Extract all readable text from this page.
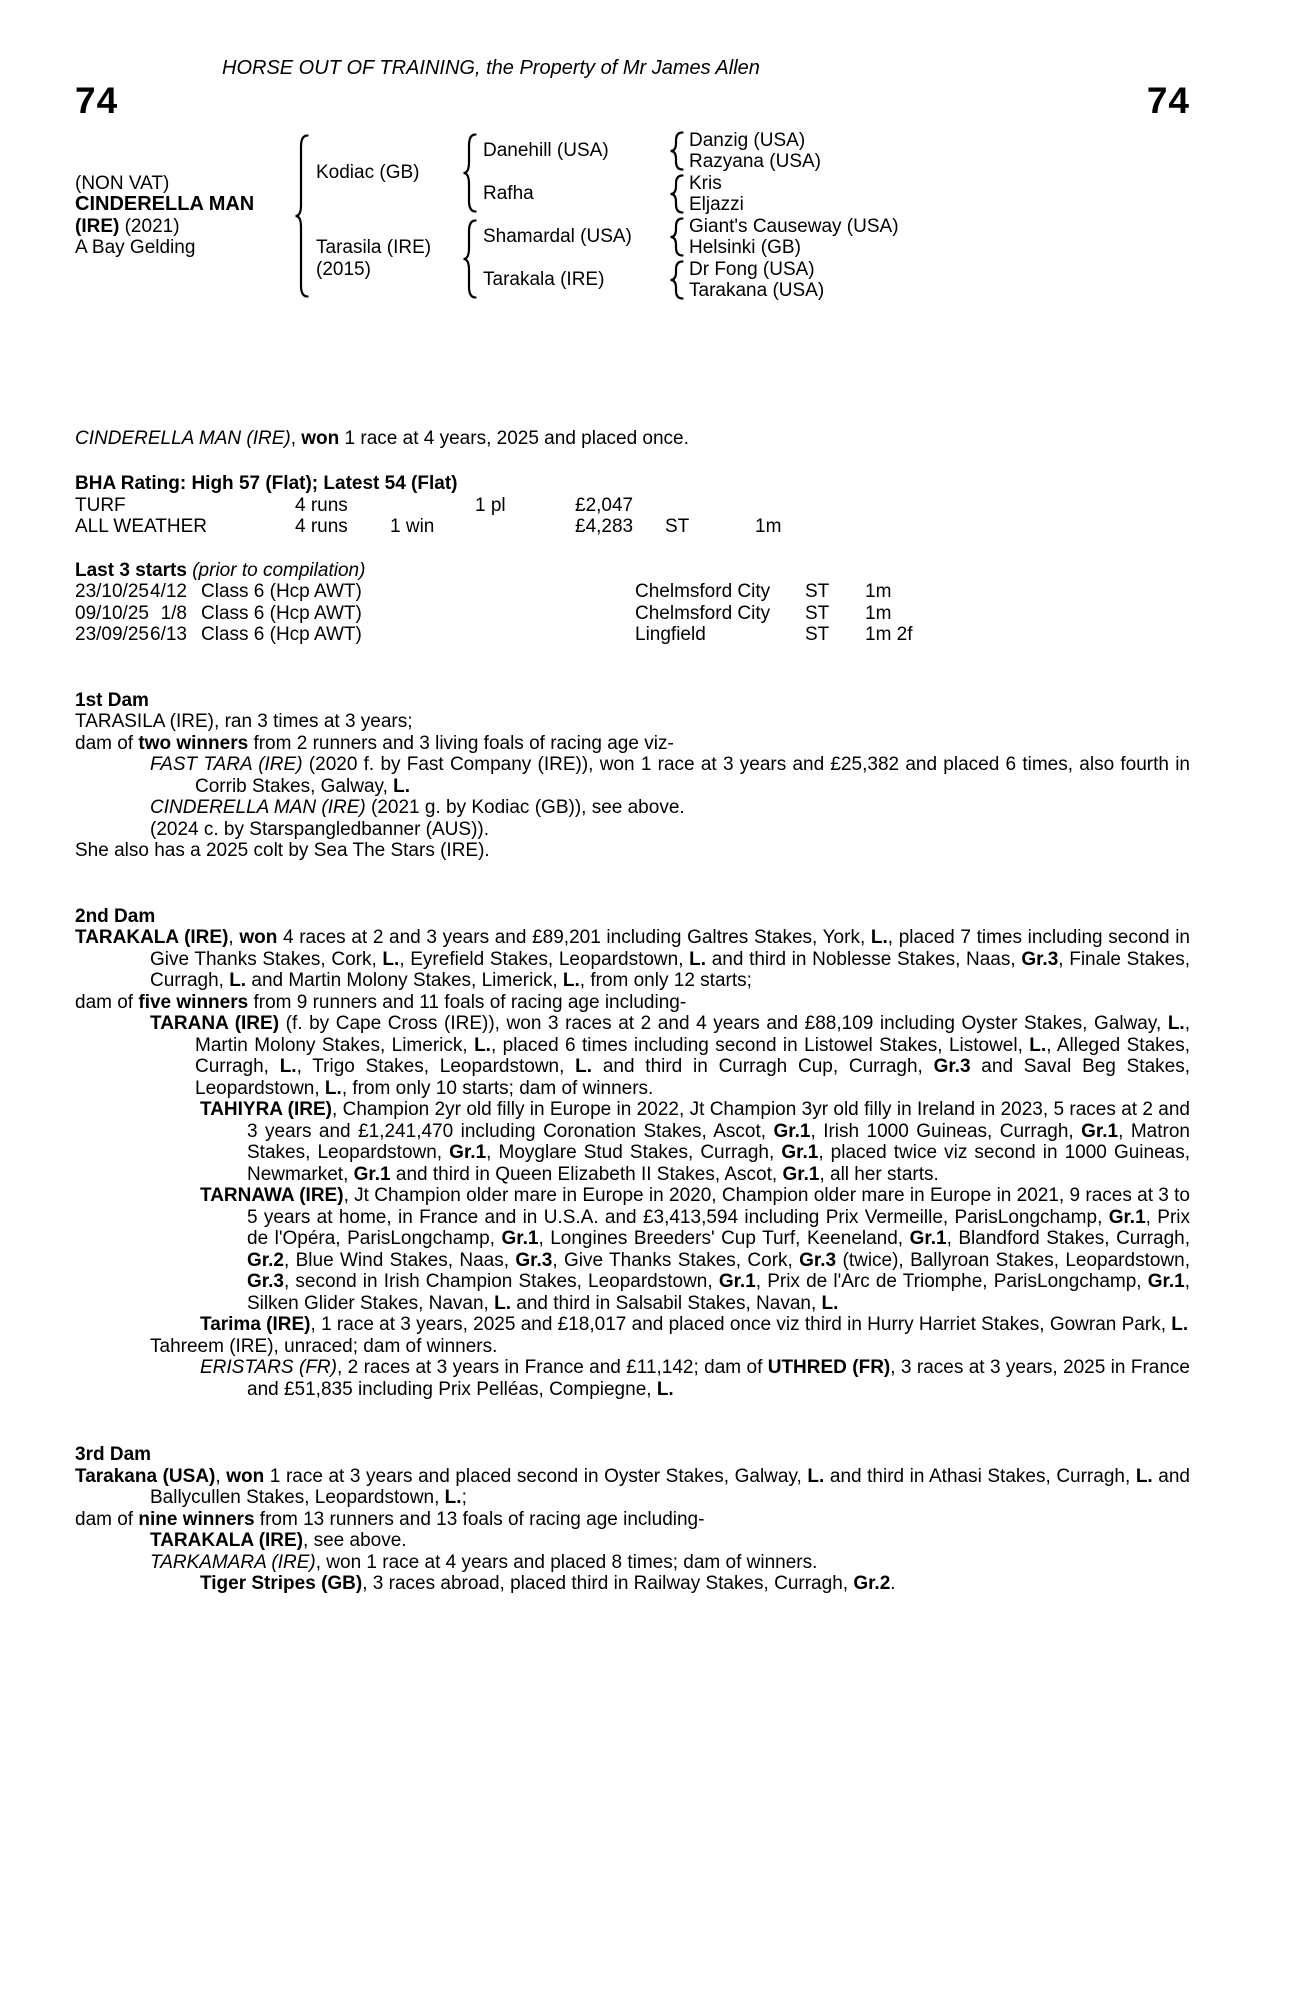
HORSE OUT OF TRAINING, the Property of Mr James Allen
74	74
(NON VAT)
CINDERELLA MAN
(IRE) (2021)
A Bay Gelding
Kodiac (GB)
Tarasila (IRE)
(2015)
Danehill (USA)
Rafha
Shamardal (USA)
Tarakala (IRE)
Danzig (USA)
Razyana (USA)
Kris
Eljazzi
Giant's Causeway (USA)
Helsinki (GB)
Dr Fong (USA)
Tarakana (USA)
CINDERELLA MAN (IRE), won 1 race at 4 years, 2025 and placed once.
BHA Rating: High 57 (Flat); Latest 54 (Flat)
TURF	4 runs	1 pl	£2,047
ALL WEATHER	4 runs	1 win	£4,283	ST	1m
Last 3 starts (prior to compilation)
23/10/25 4/12 Class 6 (Hcp AWT)	Chelmsford City	ST	1m
09/10/25 1/8 Class 6 (Hcp AWT)	Chelmsford City	ST	1m
23/09/25 6/13 Class 6 (Hcp AWT)	Lingfield	ST	1m 2f
1st Dam

TARASILA (IRE), ran 3 times at 3 years;

dam of two winners from 2 runners and 3 living foals of racing age viz-

FAST TARA (IRE) (2020 f. by Fast Company (IRE)), won 1 race at 3 years and £25,382 and placed 6 times, also fourth in Corrib Stakes, Galway, L.

CINDERELLA MAN (IRE) (2021 g. by Kodiac (GB)), see above.

(2024 c. by Starspangledbanner (AUS)).

She also has a 2025 colt by Sea The Stars (IRE).

2nd Dam

TARAKALA (IRE), won 4 races at 2 and 3 years and £89,201 including Galtres Stakes, York, L., placed 7 times including second in Give Thanks Stakes, Cork, L., Eyrefield Stakes, Leopardstown, L. and third in Noblesse Stakes, Naas, Gr.3, Finale Stakes, Curragh, L. and Martin Molony Stakes, Limerick, L., from only 12 starts;

dam of five winners from 9 runners and 11 foals of racing age including-

TARANA (IRE) (f. by Cape Cross (IRE)), won 3 races at 2 and 4 years and £88,109 including Oyster Stakes, Galway, L., Martin Molony Stakes, Limerick, L., placed 6 times including second in Listowel Stakes, Listowel, L., Alleged Stakes, Curragh, L., Trigo Stakes, Leopardstown, L. and third in Curragh Cup, Curragh, Gr.3 and Saval Beg Stakes, Leopardstown, L., from only 10 starts; dam of winners.

TAHIYRA (IRE), Champion 2yr old filly in Europe in 2022, Jt Champion 3yr old filly in Ireland in 2023, 5 races at 2 and 3 years and £1,241,470 including Coronation Stakes, Ascot, Gr.1, Irish 1000 Guineas, Curragh, Gr.1, Matron Stakes, Leopardstown, Gr.1, Moyglare Stud Stakes, Curragh, Gr.1, placed twice viz second in 1000 Guineas, Newmarket, Gr.1 and third in Queen Elizabeth II Stakes, Ascot, Gr.1, all her starts.

TARNAWA (IRE), Jt Champion older mare in Europe in 2020, Champion older mare in Europe in 2021, 9 races at 3 to 5 years at home, in France and in U.S.A. and £3,413,594 including Prix Vermeille, ParisLongchamp, Gr.1, Prix de l'Opéra, ParisLongchamp, Gr.1, Longines Breeders' Cup Turf, Keeneland, Gr.1, Blandford Stakes, Curragh, Gr.2, Blue Wind Stakes, Naas, Gr.3, Give Thanks Stakes, Cork, Gr.3 (twice), Ballyroan Stakes, Leopardstown, Gr.3, second in Irish Champion Stakes, Leopardstown, Gr.1, Prix de l'Arc de Triomphe, ParisLongchamp, Gr.1, Silken Glider Stakes, Navan, L. and third in Salsabil Stakes, Navan, L.

Tarima (IRE), 1 race at 3 years, 2025 and £18,017 and placed once viz third in Hurry Harriet Stakes, Gowran Park, L.

Tahreem (IRE), unraced; dam of winners.

ERISTARS (FR), 2 races at 3 years in France and £11,142; dam of UTHRED (FR), 3 races at 3 years, 2025 in France and £51,835 including Prix Pelléas, Compiegne, L.

3rd Dam

Tarakana (USA), won 1 race at 3 years and placed second in Oyster Stakes, Galway, L. and third in Athasi Stakes, Curragh, L. and Ballycullen Stakes, Leopardstown, L.;

dam of nine winners from 13 runners and 13 foals of racing age including-

TARAKALA (IRE), see above.

TARKAMARA (IRE), won 1 race at 4 years and placed 8 times; dam of winners.

Tiger Stripes (GB), 3 races abroad, placed third in Railway Stakes, Curragh, Gr.2.
